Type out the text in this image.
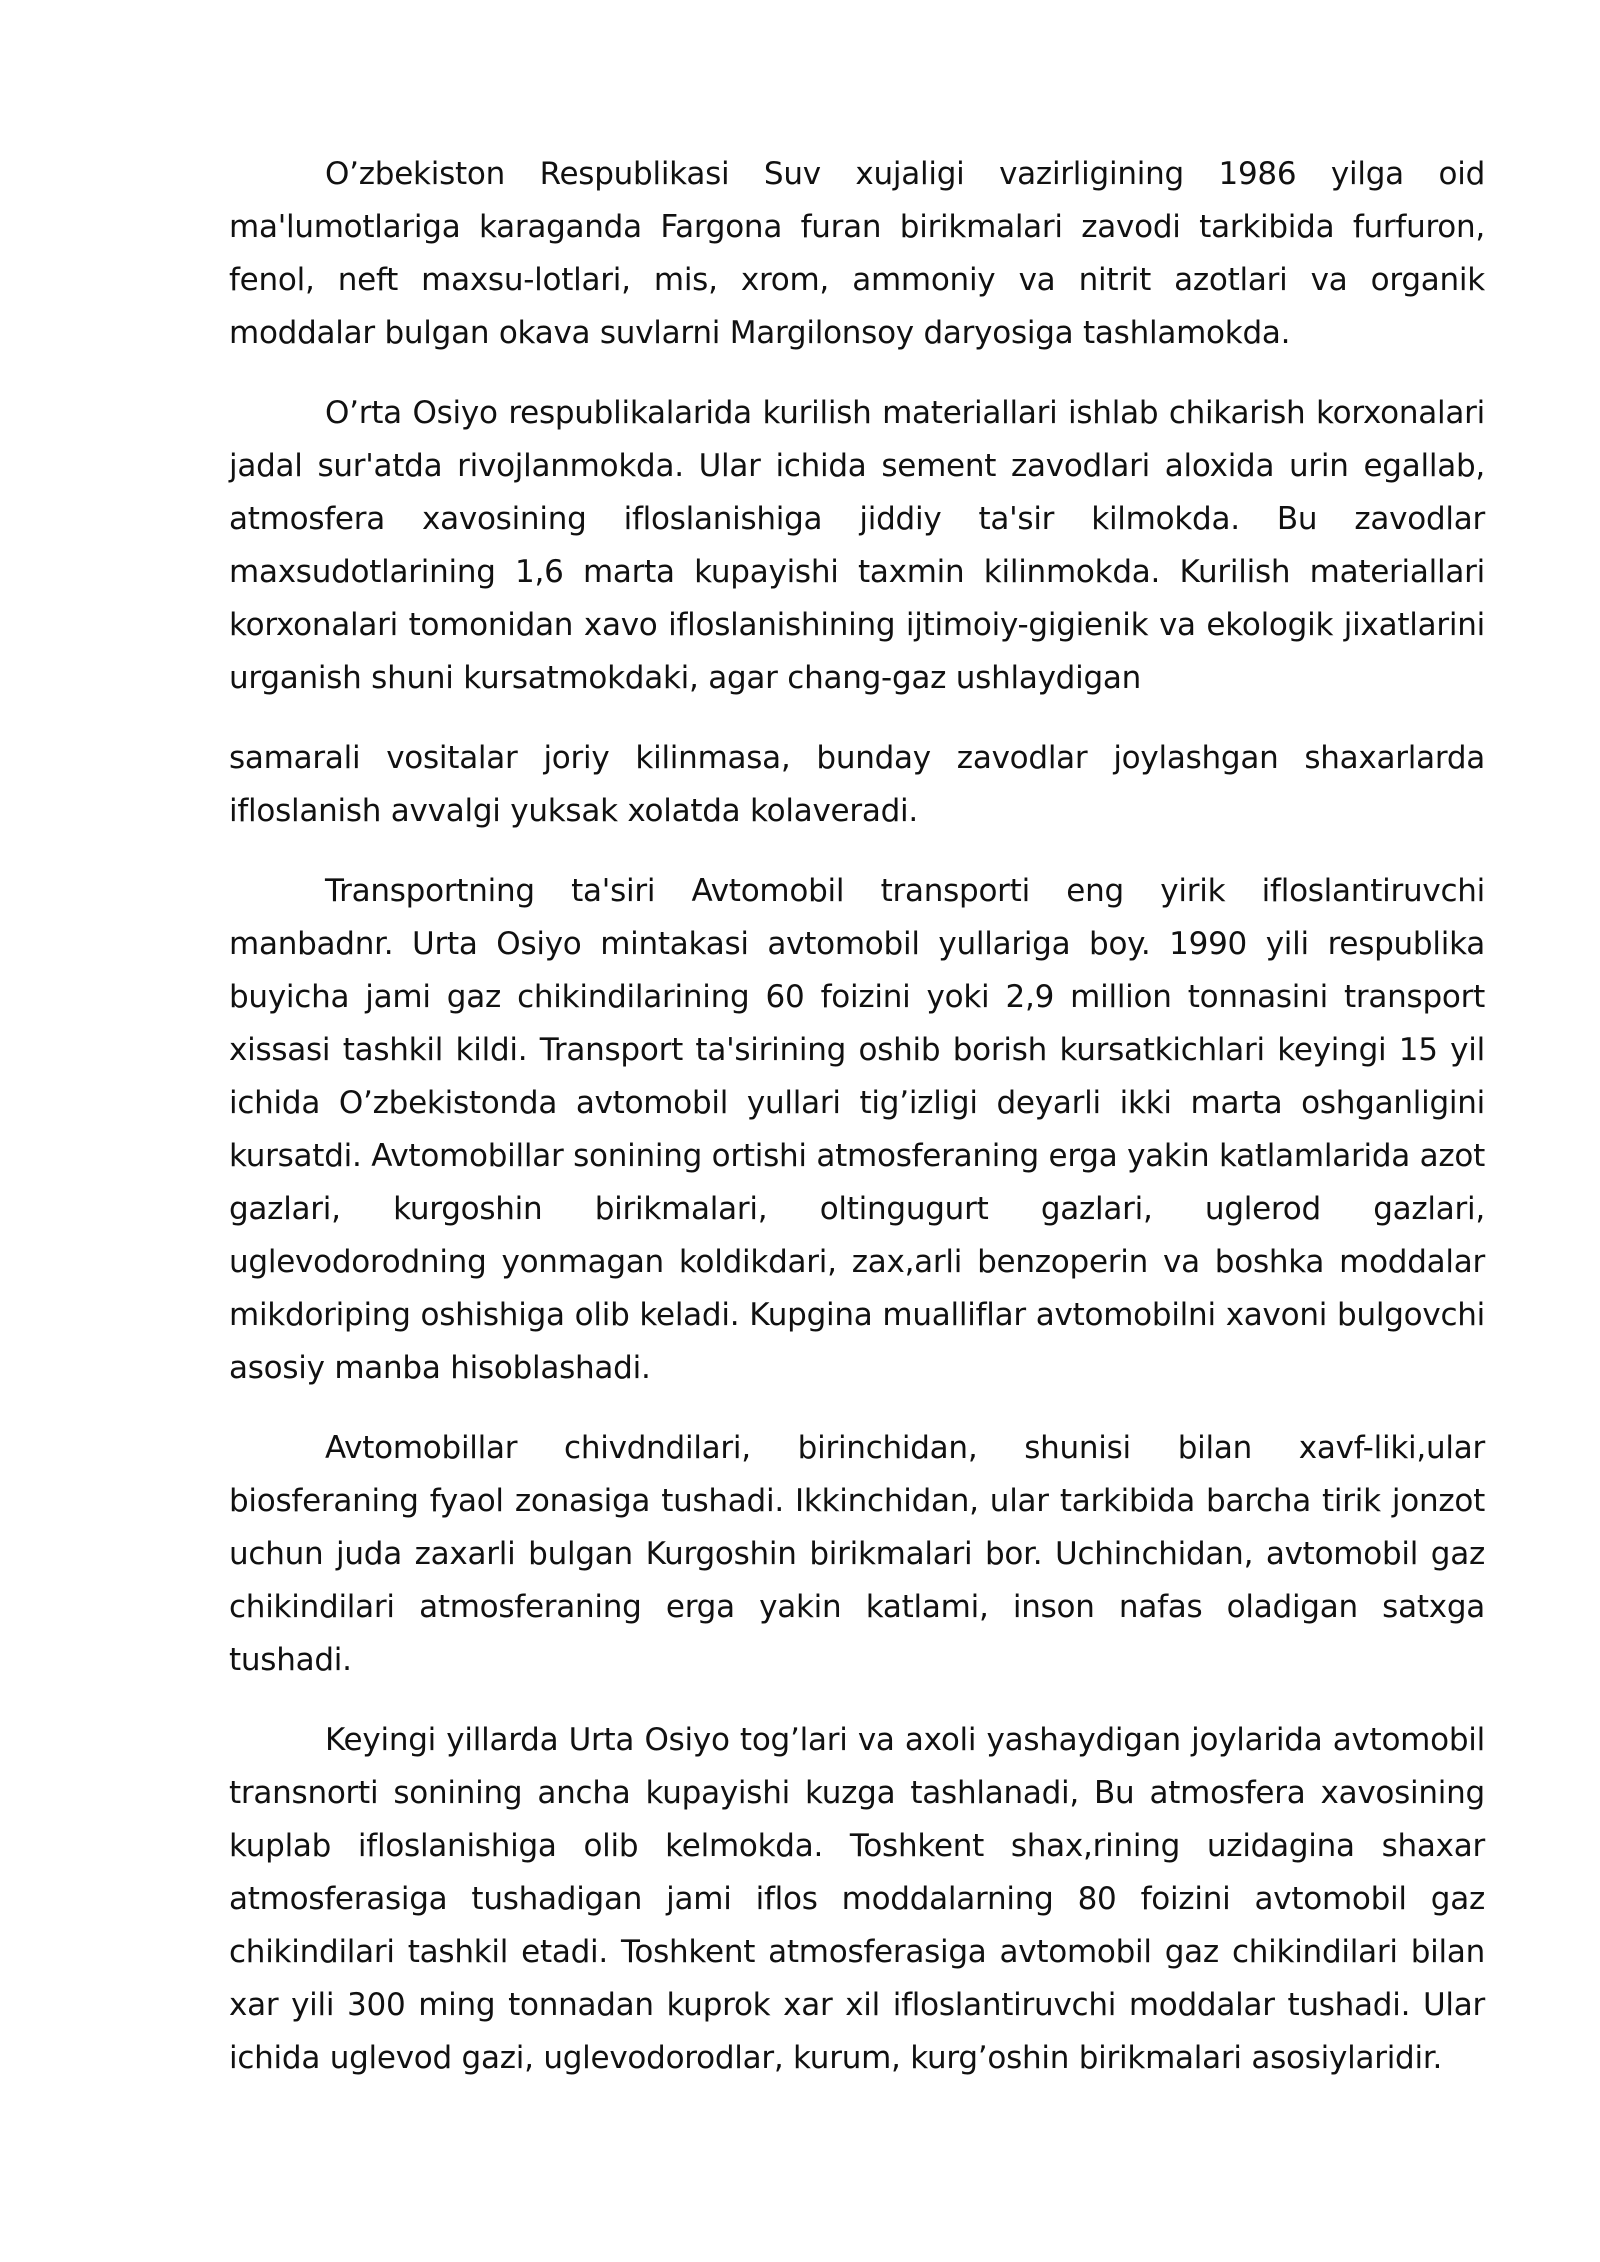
O’zbekiston Respublikasi Suv xujaligi vazirligining 1986 yilga oid ma'lumotlariga karaganda Fargona furan birikmalari zavodi tarkibida furfuron, fenol, neft maxsu-lotlari, mis, xrom, ammoniy va nitrit azotlari va organik moddalar bulgan okava suvlarni Margilonsoy daryosiga tashlamokda.

O’rta Osiyo respublikalarida kurilish materiallari ishlab chikarish korxonalari jadal sur'atda rivojlanmokda. Ular ichida sement zavodlari aloxida urin egallab, atmosfera xavosining ifloslanishiga jiddiy ta'sir kilmokda. Bu zavodlar maxsudotlarining 1,6 marta kupayishi taxmin kilinmokda. Kurilish materiallari korxonalari tomonidan xavo ifloslanishining ijtimoiy-gigienik va ekologik jixatlarini urganish shuni kursatmokdaki, agar chang-gaz ushlaydigan

samarali vositalar joriy kilinmasa, bunday zavodlar joylashgan shaxarlarda ifloslanish avvalgi yuksak xolatda kolaveradi.

Transportning ta'siri Avtomobil transporti eng yirik ifloslantiruvchi manbadnr. Urta Osiyo mintakasi avtomobil yullariga boy. 1990 yili respublika buyicha jami gaz chikindilarining 60 foizini yoki 2,9 million tonnasini transport xissasi tashkil kildi. Transport ta'sirining oshib borish kursatkichlari keyingi 15 yil ichida O’zbekistonda avtomobil yullari tig’izligi deyarli ikki marta oshganligini kursatdi. Avtomobillar sonining ortishi atmosferaning erga yakin katlamlarida azot gazlari, kurgoshin birikmalari, oltingugurt gazlari, uglerod gazlari, uglevodorodning yonmagan koldikdari, zax,arli benzoperin va boshka moddalar mikdoriping oshishiga olib keladi. Kupgina mualliflar avtomobilni xavoni bulgovchi asosiy manba hisoblashadi.

Avtomobillar chivdndilari, birinchidan, shunisi bilan xavf-liki,ular biosferaning fyaol zonasiga tushadi. Ikkinchidan, ular tarkibida barcha tirik jonzot uchun juda zaxarli bulgan Kurgoshin birikmalari bor. Uchinchidan, avtomobil gaz chikindilari atmosferaning erga yakin katlami, inson nafas oladigan satxga tushadi.

Keyingi yillarda Urta Osiyo tog’lari va axoli yashaydigan joylarida avtomobil transnorti sonining ancha kupayishi kuzga tashlanadi, Bu atmosfera xavosining kuplab ifloslanishiga olib kelmokda. Toshkent shax,rining uzidagina shaxar atmosferasiga tushadigan jami iflos moddalarning 80 foizini avtomobil gaz chikindilari tashkil etadi. Toshkent atmosferasiga avtomobil gaz chikindilari bilan xar yili 300 ming tonnadan kuprok xar xil ifloslantiruvchi moddalar tushadi. Ular ichida uglevod gazi, uglevodorodlar, kurum, kurg’oshin birikmalari asosiylaridir.
